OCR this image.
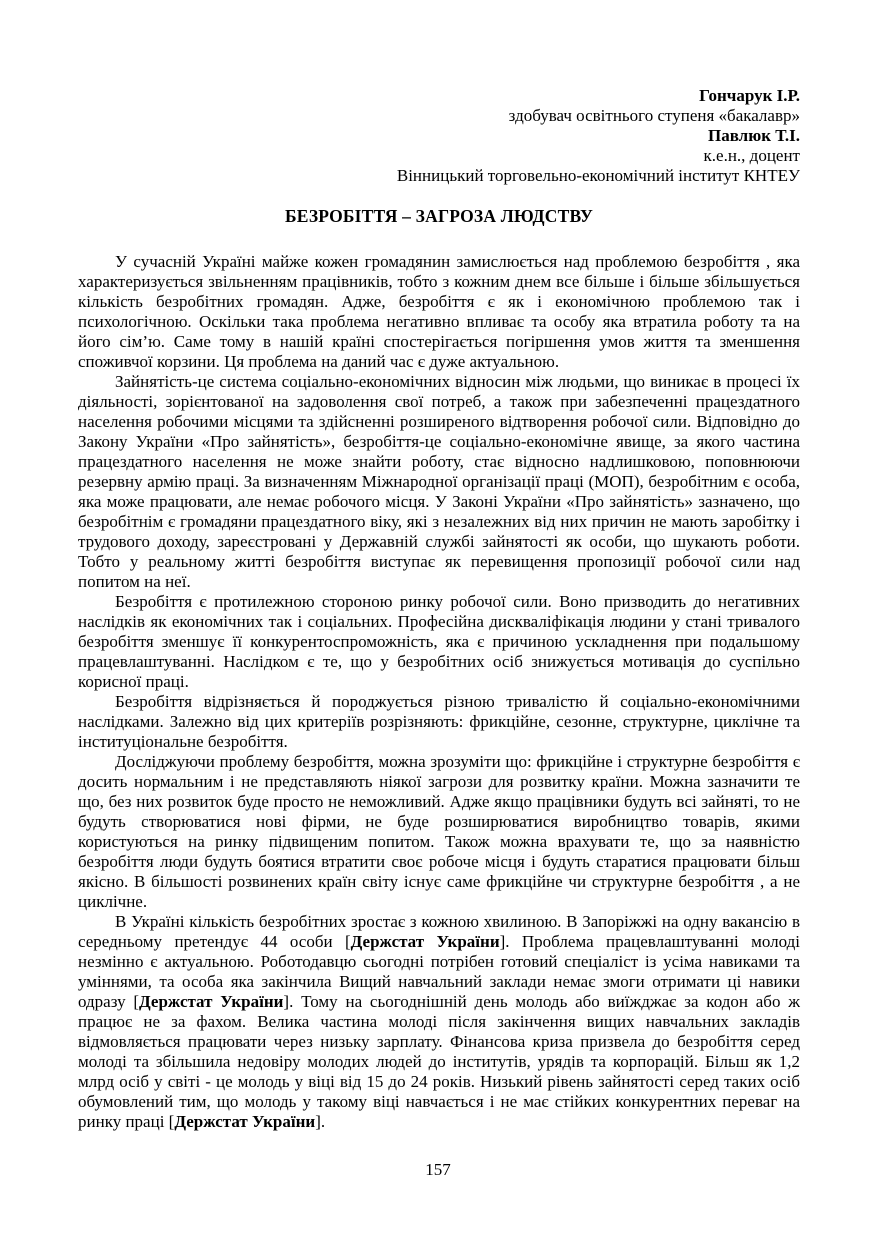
Гончарук І.Р.
здобувач освітнього ступеня «бакалавр»
Павлюк Т.І.
к.е.н., доцент
Вінницький торговельно-економічний інститут КНТЕУ
БЕЗРОБІТТЯ – ЗАГРОЗА ЛЮДСТВУ

У сучасній Україні майже кожен громадянин замислюється над проблемою безробіття , яка характеризується звільненням працівників, тобто з кожним днем все більше і більше збільшується кількість безробітних громадян. Адже, безробіття є як і економічною проблемою так і психологічною. Оскільки така проблема негативно впливає та особу яка втратила роботу та на його сім’ю. Саме тому в нашій країні спостерігається погіршення умов життя та зменшення споживчої корзини. Ця проблема на даний час є дуже актуальною.

Зайнятість-це система соціально-економічних відносин між людьми, що виникає в процесі їх діяльності, зорієнтованої на задоволення свої потреб, а також при забезпеченні працездатного населення робочими місцями та здійсненні розширеного відтворення робочої сили. Відповідно до Закону України «Про зайнятість», безробіття-це соціально-економічне явище, за якого частина працездатного населення не може знайти роботу, стає відносно надлишковою, поповнюючи резервну армію праці. За визначенням Міжнародної організації праці (МОП), безробітним є особа, яка може працювати, але немає робочого місця. У Законі України «Про зайнятість» зазначено, що безробітнім є громадяни працездатного віку, які з незалежних від них причин не мають заробітку і трудового доходу, зареєстровані у Державній службі зайнятості як особи, що шукають роботи. Тобто у реальному житті безробіття виступає як перевищення пропозиції робочої сили над попитом на неї.

Безробіття є протилежною стороною ринку робочої сили. Воно призводить до негативних наслідків як економічних так і соціальних. Професійна дискваліфікація людини у стані тривалого безробіття зменшує її конкурентоспроможність, яка є причиною ускладнення при подальшому працевлаштуванні. Наслідком є те, що у безробітних осіб знижується мотивація до суспільно корисної праці.

Безробіття відрізняється й породжується різною тривалістю й соціально-економічними наслідками. Залежно від цих критеріїв розрізняють: фрикційне, сезонне, структурне, циклічне та інституціональне безробіття.

Досліджуючи проблему безробіття, можна зрозуміти що: фрикційне і структурне безробіття є досить нормальним і не представляють ніякої загрози для розвитку країни. Можна зазначити те що, без них розвиток буде просто не неможливий. Адже якщо працівники будуть всі зайняті, то не будуть створюватися нові фірми, не буде розширюватися виробництво товарів, якими користуються на ринку підвищеним попитом. Також можна врахувати те, що за наявністю безробіття люди будуть боятися втратити своє робоче місця і будуть старатися працювати більш якісно. В більшості розвинених країн світу існує саме фрикційне чи структурне безробіття , а не циклічне.

В Україні кількість безробітних зростає з кожною хвилиною. В Запоріжжі на одну вакансію в середньому претендує 44 особи [Держстат України]. Проблема працевлаштуванні молоді незмінно є актуальною. Роботодавцю сьогодні потрібен готовий спеціаліст із усіма навиками та уміннями, та особа яка закінчила Вищий навчальний заклади немає змоги отримати ці навики одразу [Держстат України]. Тому на сьогоднішній день молодь або виїжджає за кодон або ж працює не за фахом. Велика частина молоді після закінчення вищих навчальних закладів відмовляється працювати через низьку зарплату. Фінансова криза призвела до безробіття серед молоді та збільшила недовіру молодих людей до інститутів, урядів та корпорацій. Більш як 1,2 млрд осіб у світі - це молодь у віці від 15 до 24 років. Низький рівень зайнятості серед таких осіб обумовлений тим, що молодь у такому віці навчається і не має стійких конкурентних переваг на ринку праці [Держстат України].

157
